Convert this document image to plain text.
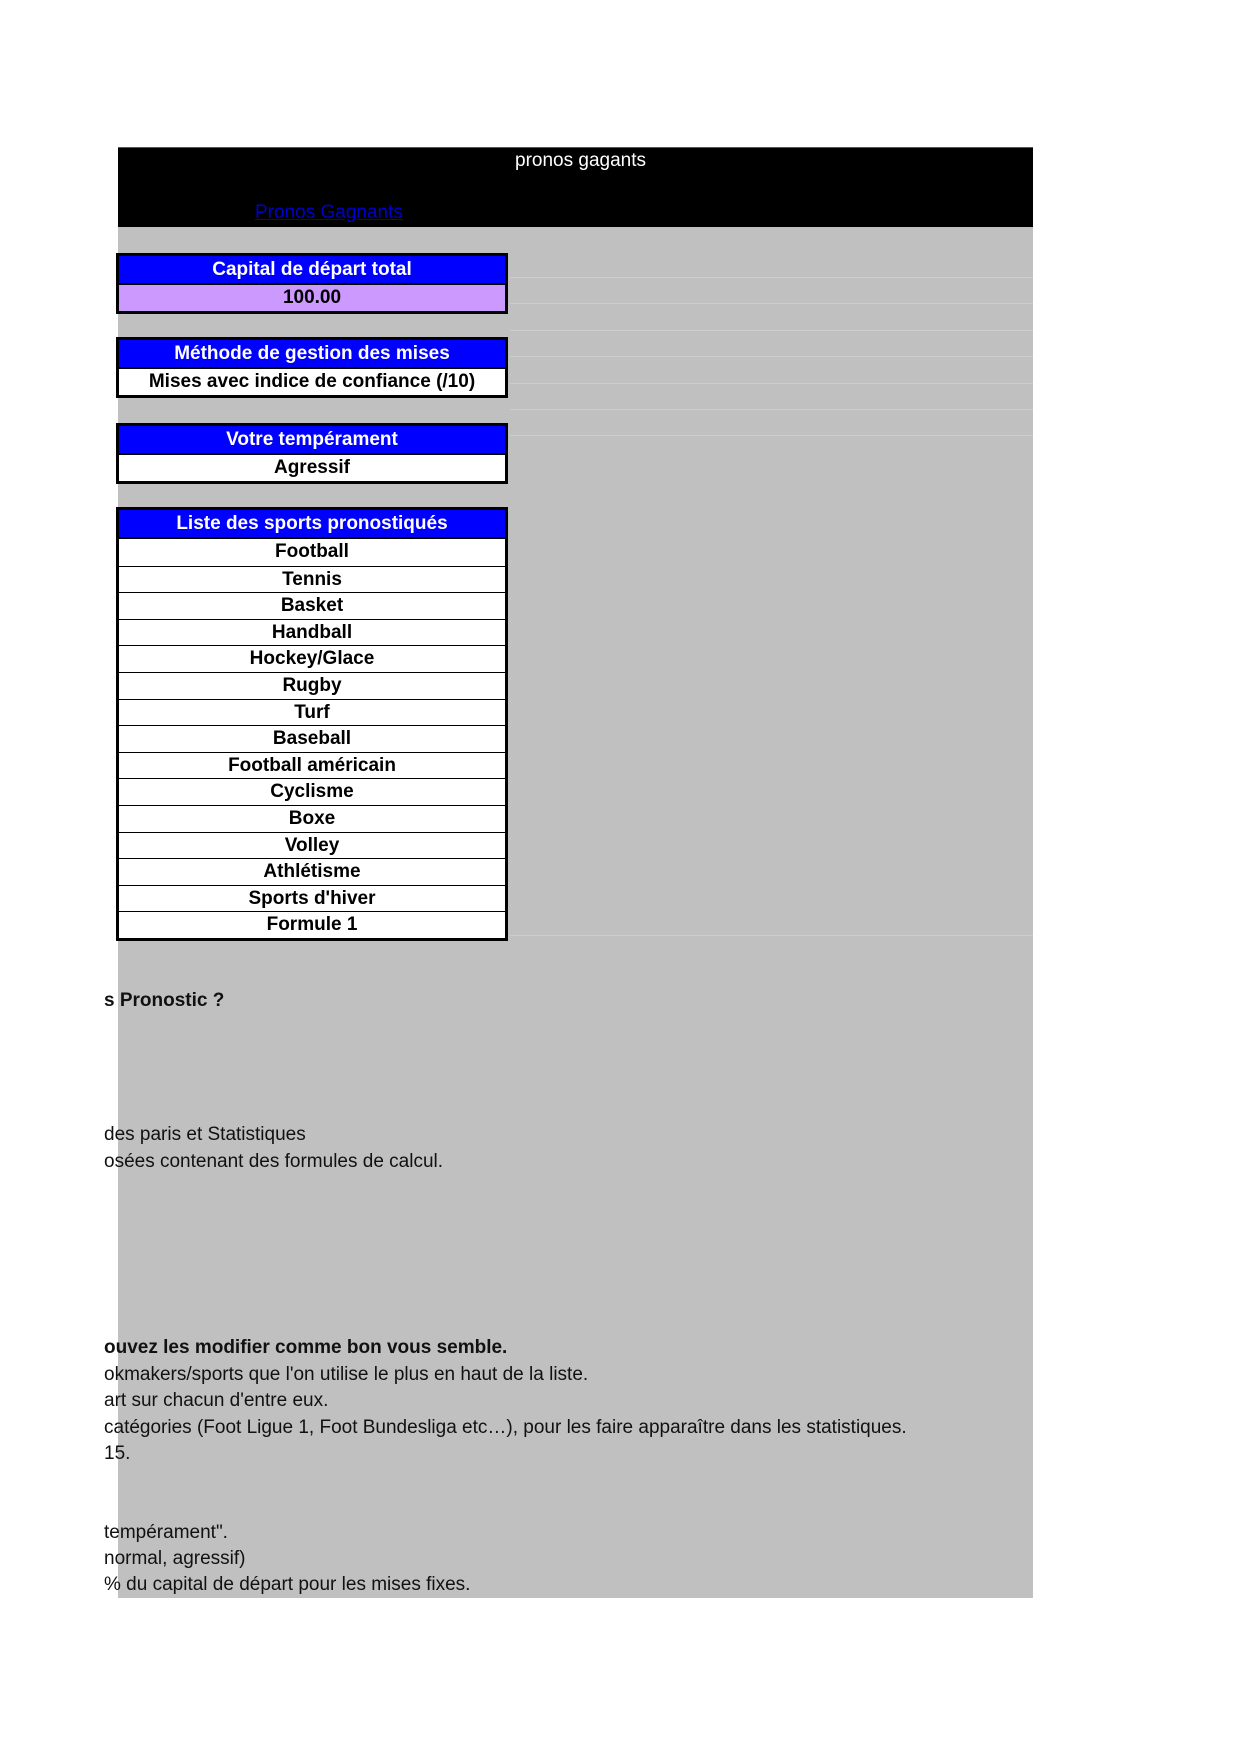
pronos gagants
Pronos Gagnants
Capital de départ total
100.00
Méthode de gestion des mises
Mises avec indice de confiance (/10)
Votre tempérament
Agressif
Liste des sports pronostiqués
Football
Tennis
Basket
Handball
Hockey/Glace
Rugby
Turf
Baseball
Football américain
Cyclisme
Boxe
Volley
Athlétisme
Sports d'hiver
Formule 1
s Pronostic ?
des paris et Statistiques
osées contenant des formules de calcul.
ouvez les modifier comme bon vous semble.
okmakers/sports que l'on utilise le plus en haut de la liste.
art sur chacun d'entre eux.
catégories (Foot Ligue 1, Foot Bundesliga etc…), pour les faire apparaître dans les statistiques.
15.
tempérament".
normal, agressif)
% du capital de départ pour les mises fixes.
